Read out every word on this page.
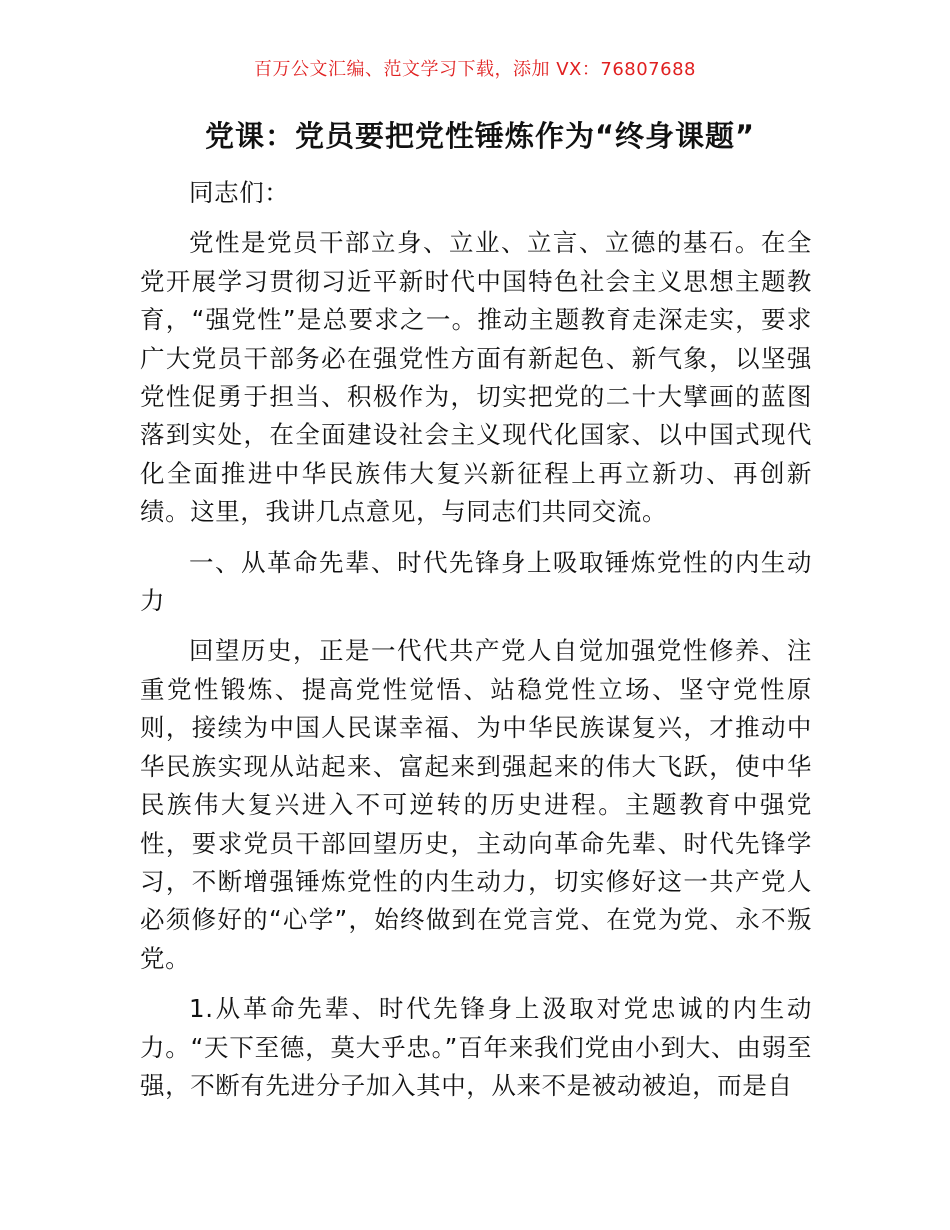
百万公文汇编、范文学习下载，添加 VX：76807688
党课：党员要把党性锤炼作为“终身课题”

同志们：

党性是党员干部立身、立业、立言、立德的基石。在全党开展学习贯彻习近平新时代中国特色社会主义思想主题教育，“强党性”是总要求之一。推动主题教育走深走实，要求广大党员干部务必在强党性方面有新起色、新气象，以坚强党性促勇于担当、积极作为，切实把党的二十大擘画的蓝图落到实处，在全面建设社会主义现代化国家、以中国式现代化全面推进中华民族伟大复兴新征程上再立新功、再创新绩。这里，我讲几点意见，与同志们共同交流。

一、从革命先辈、时代先锋身上吸取锤炼党性的内生动力

回望历史，正是一代代共产党人自觉加强党性修养、注重党性锻炼、提高党性觉悟、站稳党性立场、坚守党性原则，接续为中国人民谋幸福、为中华民族谋复兴，才推动中华民族实现从站起来、富起来到强起来的伟大飞跃，使中华民族伟大复兴进入不可逆转的历史进程。主题教育中强党性，要求党员干部回望历史，主动向革命先辈、时代先锋学习，不断增强锤炼党性的内生动力，切实修好这一共产党人必须修好的“心学”，始终做到在党言党、在党为党、永不叛党。

1.从革命先辈、时代先锋身上汲取对党忠诚的内生动力。“天下至德，莫大乎忠。”百年来我们党由小到大、由弱至强，不断有先进分子加入其中，从来不是被动被迫，而是自
